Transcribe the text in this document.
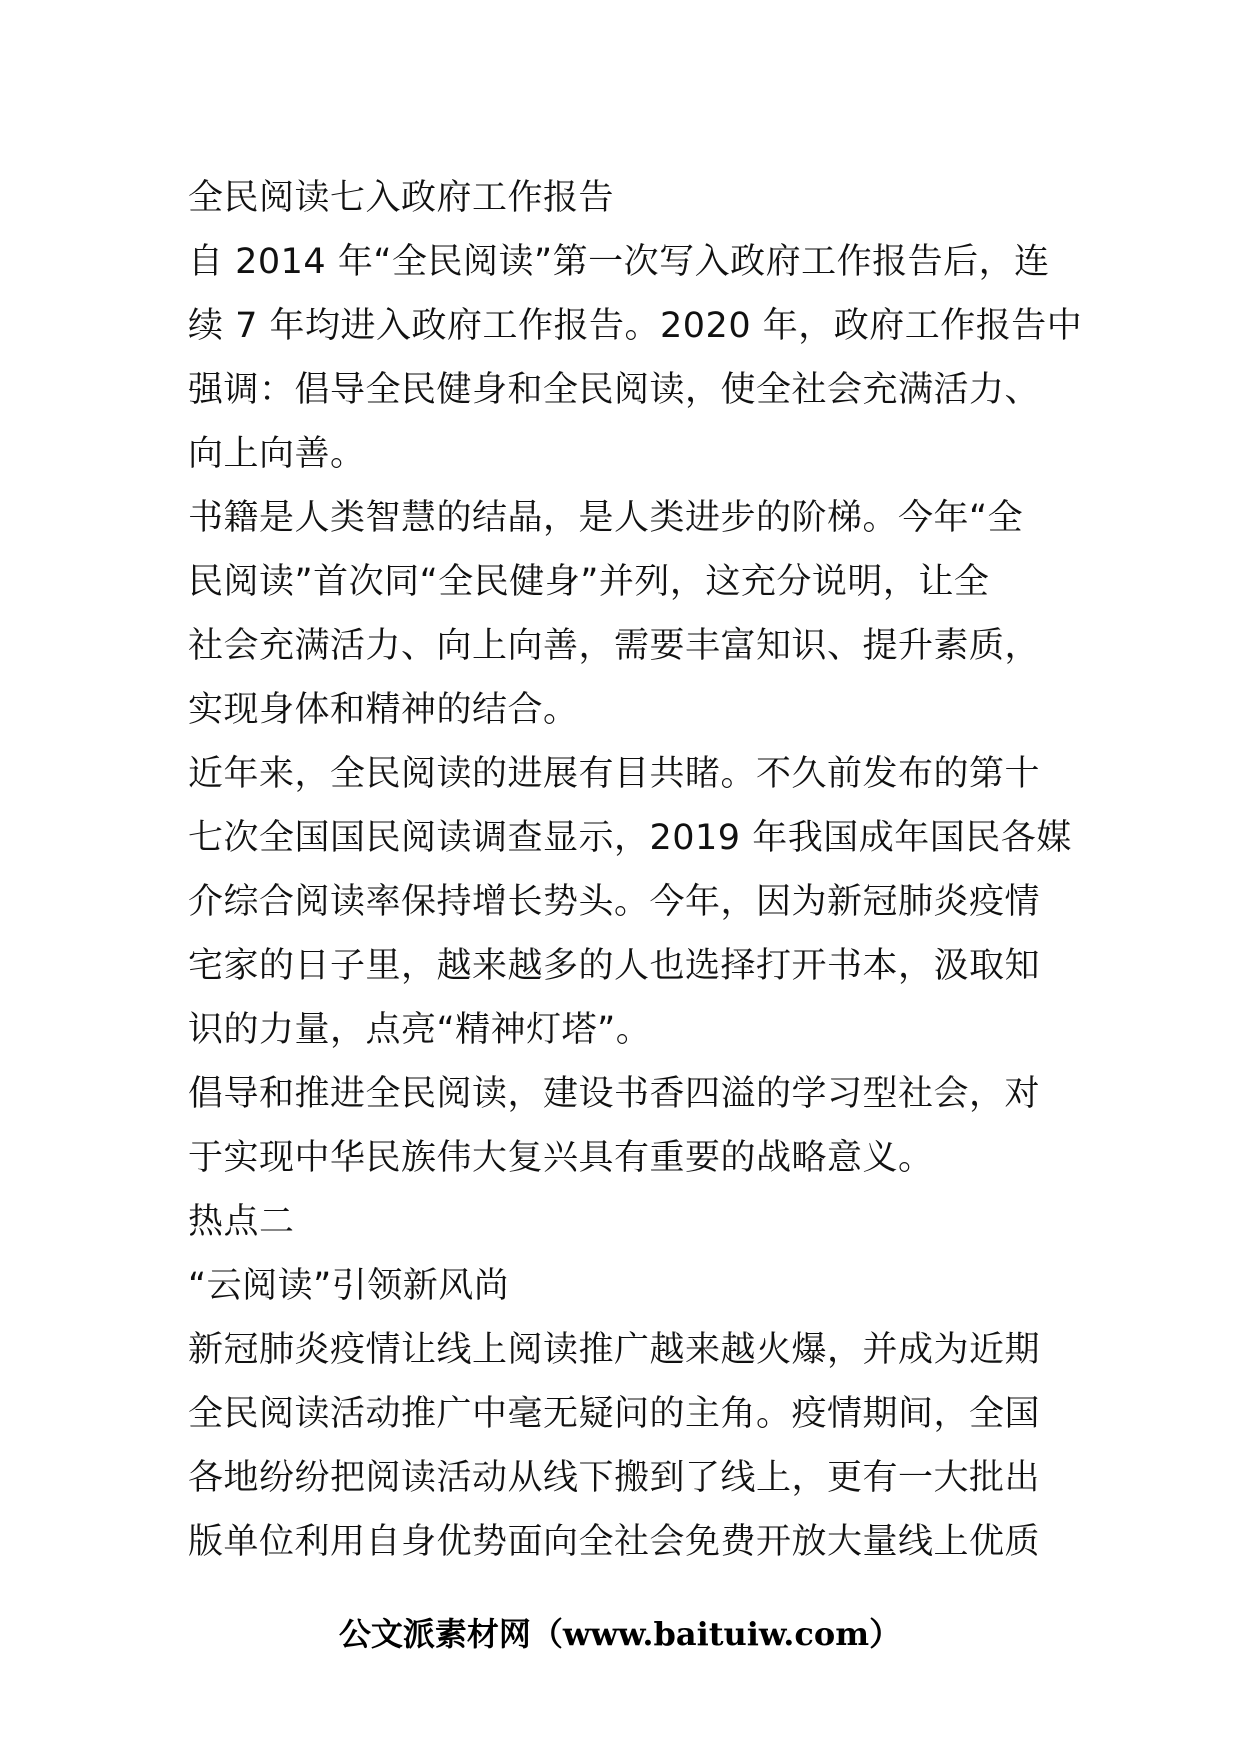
全民阅读七入政府工作报告
自 2014 年“全民阅读”第一次写入政府工作报告后，连
续 7 年均进入政府工作报告。2020 年，政府工作报告中
强调：倡导全民健身和全民阅读，使全社会充满活力、
向上向善。
书籍是人类智慧的结晶，是人类进步的阶梯。今年“全
民阅读”首次同“全民健身”并列，这充分说明，让全
社会充满活力、向上向善，需要丰富知识、提升素质，
实现身体和精神的结合。
近年来，全民阅读的进展有目共睹。不久前发布的第十
七次全国国民阅读调查显示，2019 年我国成年国民各媒
介综合阅读率保持增长势头。今年，因为新冠肺炎疫情
宅家的日子里，越来越多的人也选择打开书本，汲取知
识的力量，点亮“精神灯塔”。
倡导和推进全民阅读，建设书香四溢的学习型社会，对
于实现中华民族伟大复兴具有重要的战略意义。
热点二
“云阅读”引领新风尚
新冠肺炎疫情让线上阅读推广越来越火爆，并成为近期
全民阅读活动推广中毫无疑问的主角。疫情期间，全国
各地纷纷把阅读活动从线下搬到了线上，更有一大批出
版单位利用自身优势面向全社会免费开放大量线上优质
公文派素材网（www.baituiw.com）
